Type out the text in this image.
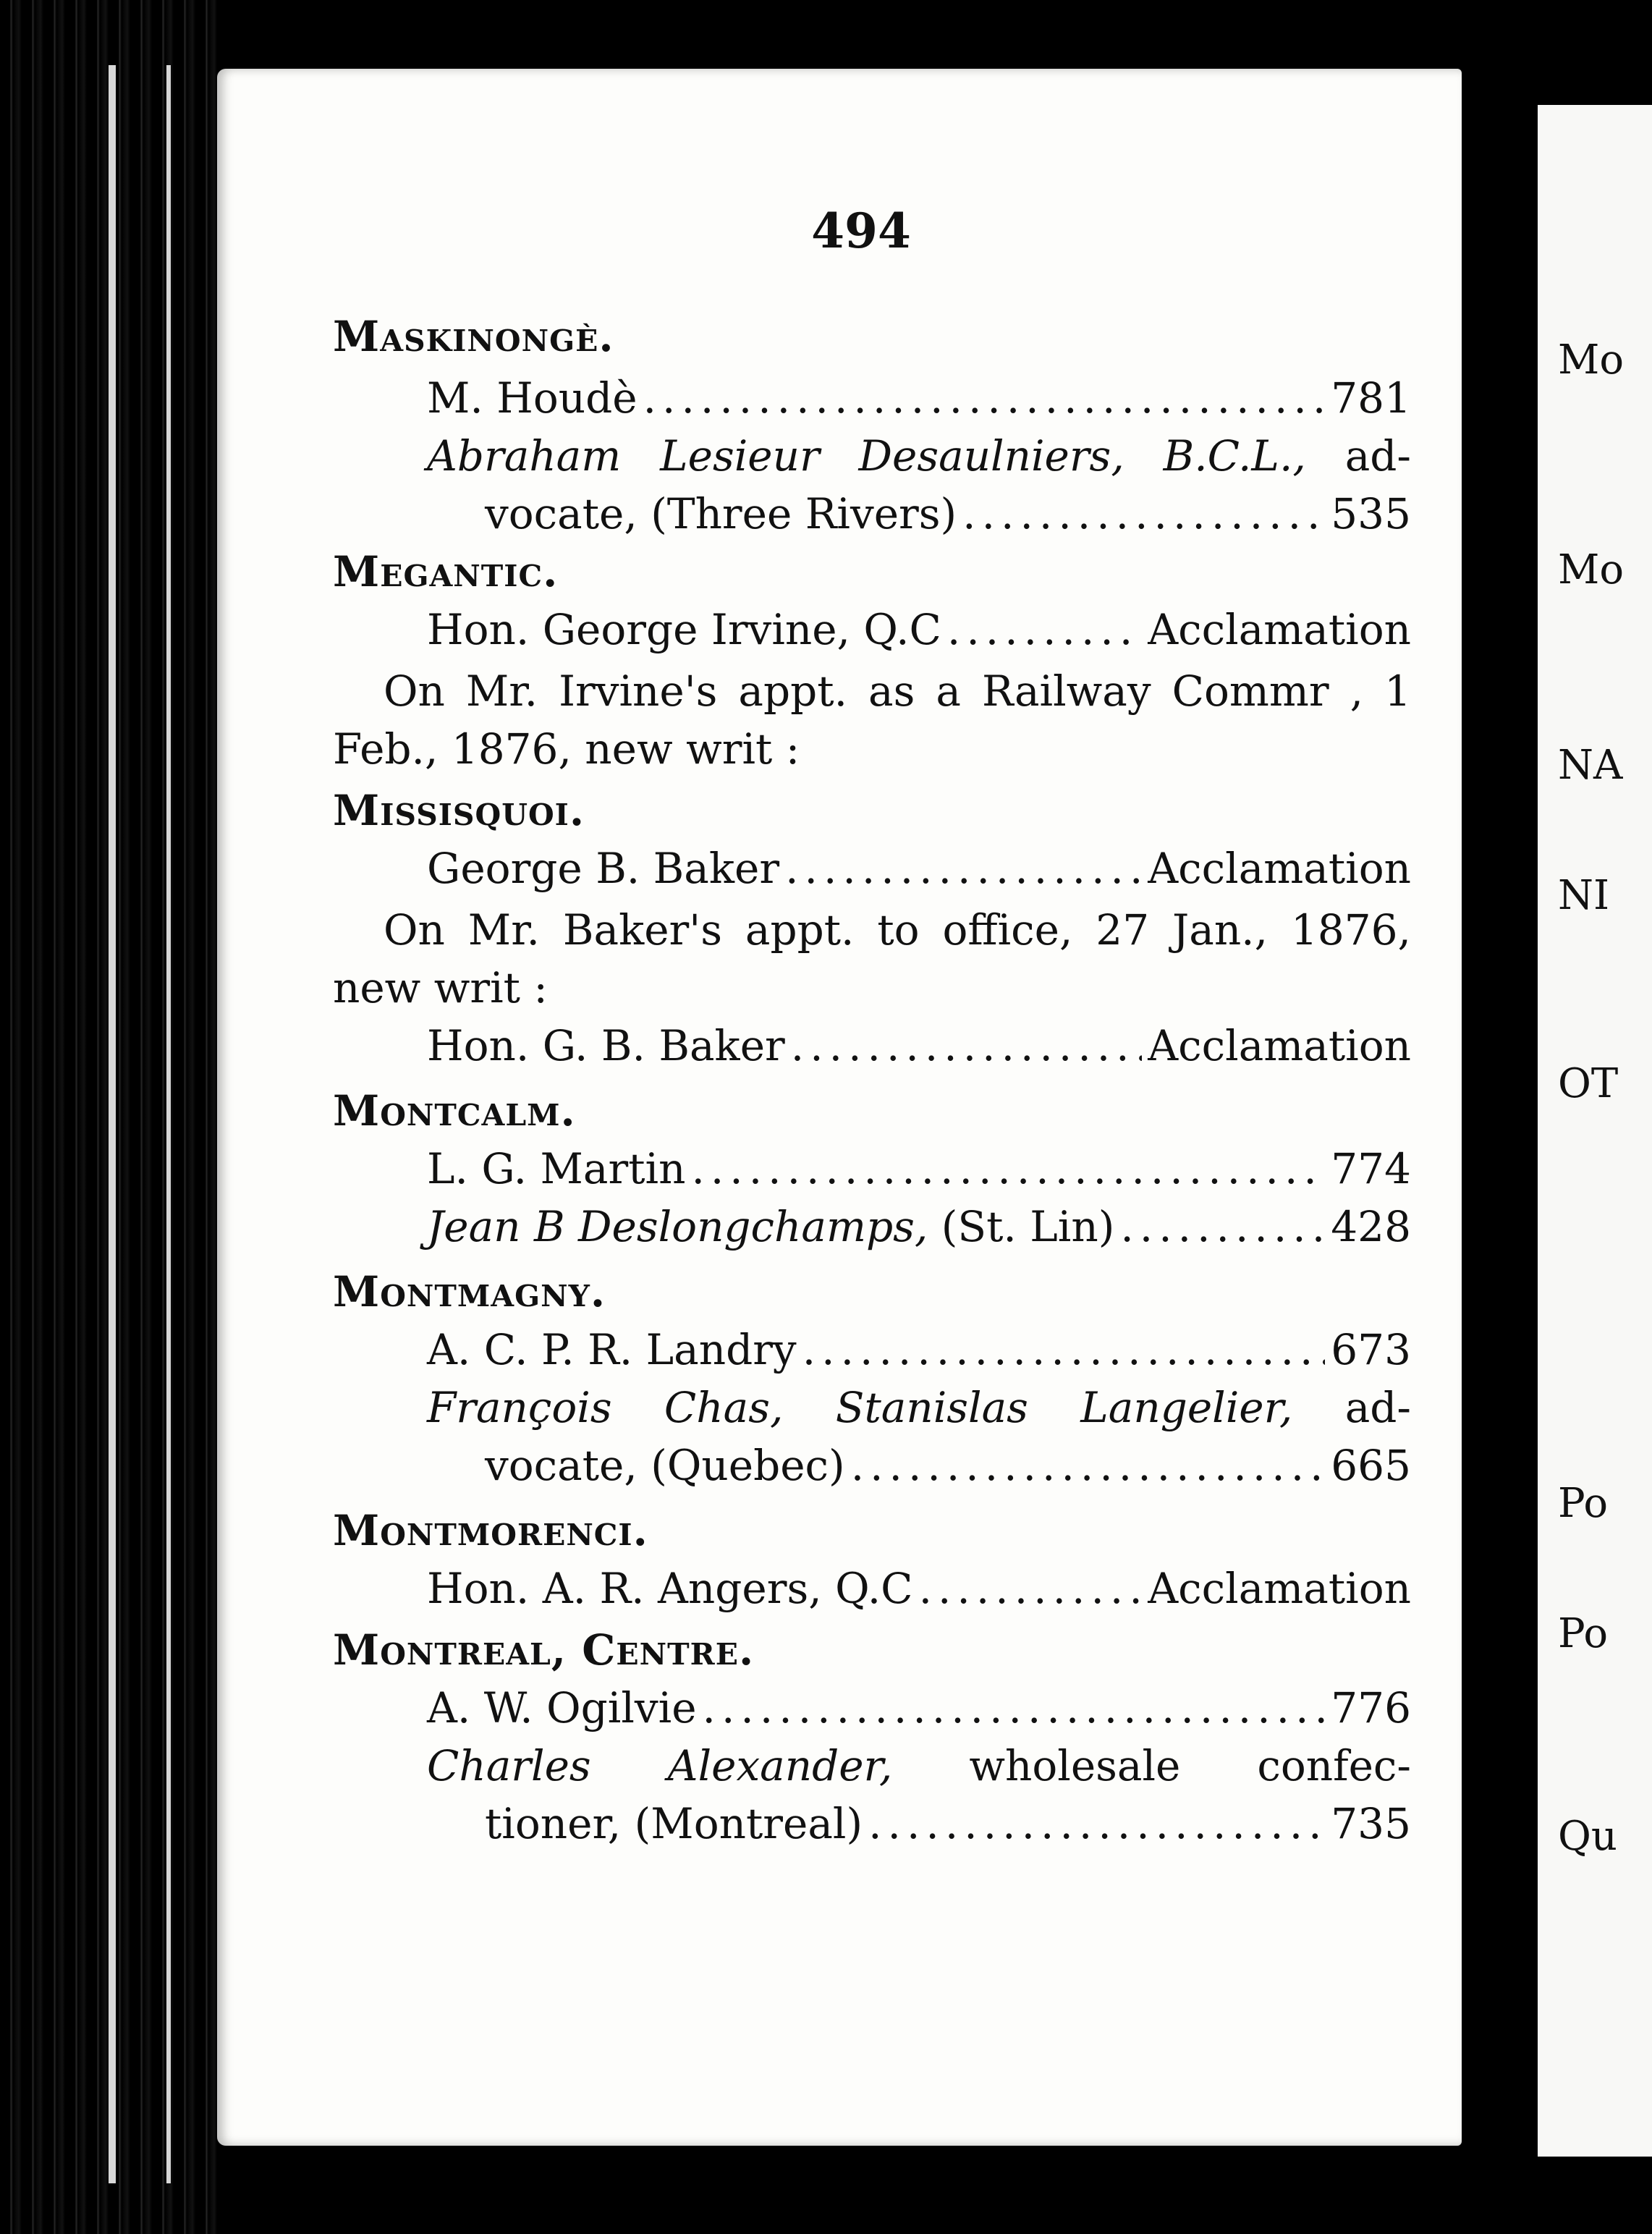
Mo
Mo
NA
NI
OT
Po
Po
Qu
494
Maskinongè.
M. Houdè .....	781
Abraham Lesieur Desaulniers, B.C.L., ad-
vocate, (Three Rivers) .....	535
Megantic.
Hon. George Irvine, Q.C .....	Acclamation
On Mr. Irvine's appt. as a Railway Commr , 1
Feb., 1876, new writ :
Missisquoi.
George B. Baker .....	Acclamation
On Mr. Baker's appt. to office, 27 Jan., 1876,
new writ :
Hon. G. B. Baker .....	Acclamation
Montcalm.
L. G. Martin .....	774
Jean B Deslongchamps, (St. Lin) .....	428
Montmagny.
A. C. P. R. Landry .....	673
François Chas, Stanislas Langelier, ad-
vocate, (Quebec) .....	665
Montmorenci.
Hon. A. R. Angers, Q.C .....	Acclamation
Montreal, Centre.
A. W. Ogilvie .....	776
Charles Alexander, wholesale confec-
tioner, (Montreal) .....	735
